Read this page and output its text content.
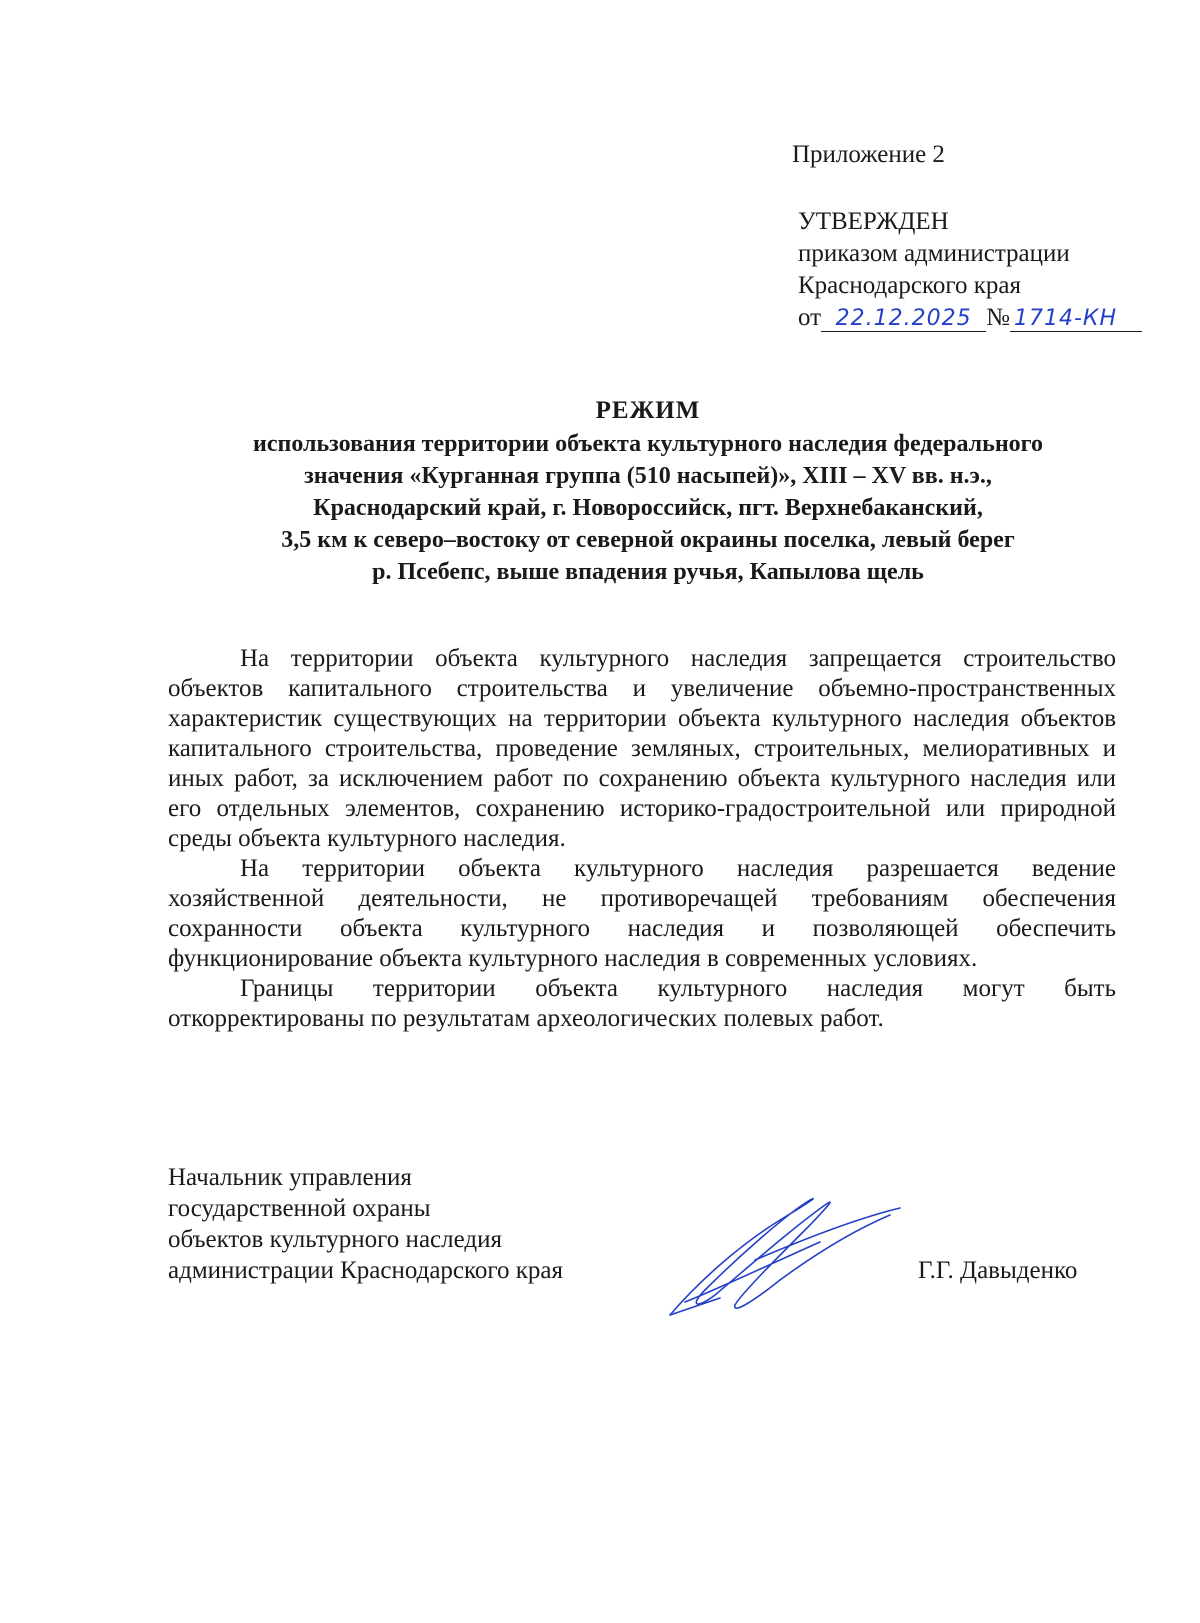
Приложение 2
УТВЕРЖДЕН
приказом администрации
Краснодарского края
от 22.12.2025 № 1714-КН
РЕЖИМ
использования территории объекта культурного наследия федерального
значения «Курганная группа (510 насыпей)», XIII – XV вв. н.э.,
Краснодарский край, г. Новороссийск, пгт. Верхнебаканский,
3,5 км к северо–востоку от северной окраины поселка, левый берег
р. Псебепс, выше впадения ручья, Капылова щель

На территории объекта культурного наследия запрещается строительство объектов капитального строительства и увеличение объемно-пространственных характеристик существующих на территории объекта культурного наследия объектов капитального строительства, проведение земляных, строительных, мелиоративных и иных работ, за исключением работ по сохранению объекта культурного наследия или его отдельных элементов, сохранению историко-градостроительной или природной среды объекта культурного наследия.

На территории объекта культурного наследия разрешается ведение хозяйственной деятельности, не противоречащей требованиям обеспечения сохранности объекта культурного наследия и позволяющей обеспечить функционирование объекта культурного наследия в современных условиях.

Границы территории объекта культурного наследия могут быть откорректированы по результатам археологических полевых работ.

Начальник управления
государственной охраны
объектов культурного наследия
администрации Краснодарского края	Г.Г. Давыденко
